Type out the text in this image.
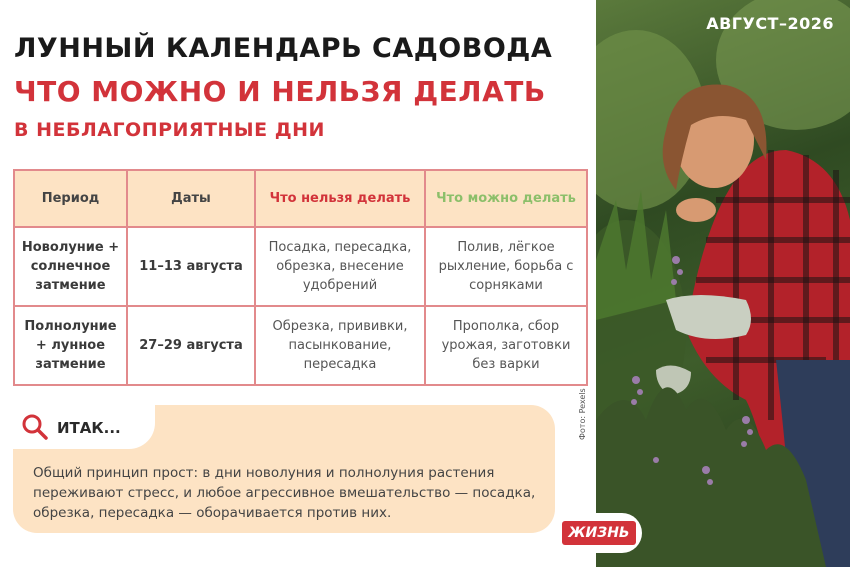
ЛУННЫЙ КАЛЕНДАРЬ САДОВОДА
ЧТО МОЖНО И НЕЛЬЗЯ ДЕЛАТЬ
В НЕБЛАГОПРИЯТНЫЕ ДНИ
Период	Даты	Что нельзя делать	Что можно делать
Новолуние + солнечное затмение	11–13 августа	Посадка, пересадка, обрезка, внесение удобрений	Полив, лёгкое рыхление, борьба с сорняками
Полнолуние + лунное затмение	27–29 августа	Обрезка, прививки, пасынкование, пересадка	Прополка, сбор урожая, заготовки без варки
ИТАК...
Общий принцип прост: в дни новолуния и полнолуния растения переживают стресс, и любое агрессивное вмешательство — посадка, обрезка, пересадка — оборачивается против них.
АВГУСТ–2026
Фото: Pexels
ЖИЗНЬ
